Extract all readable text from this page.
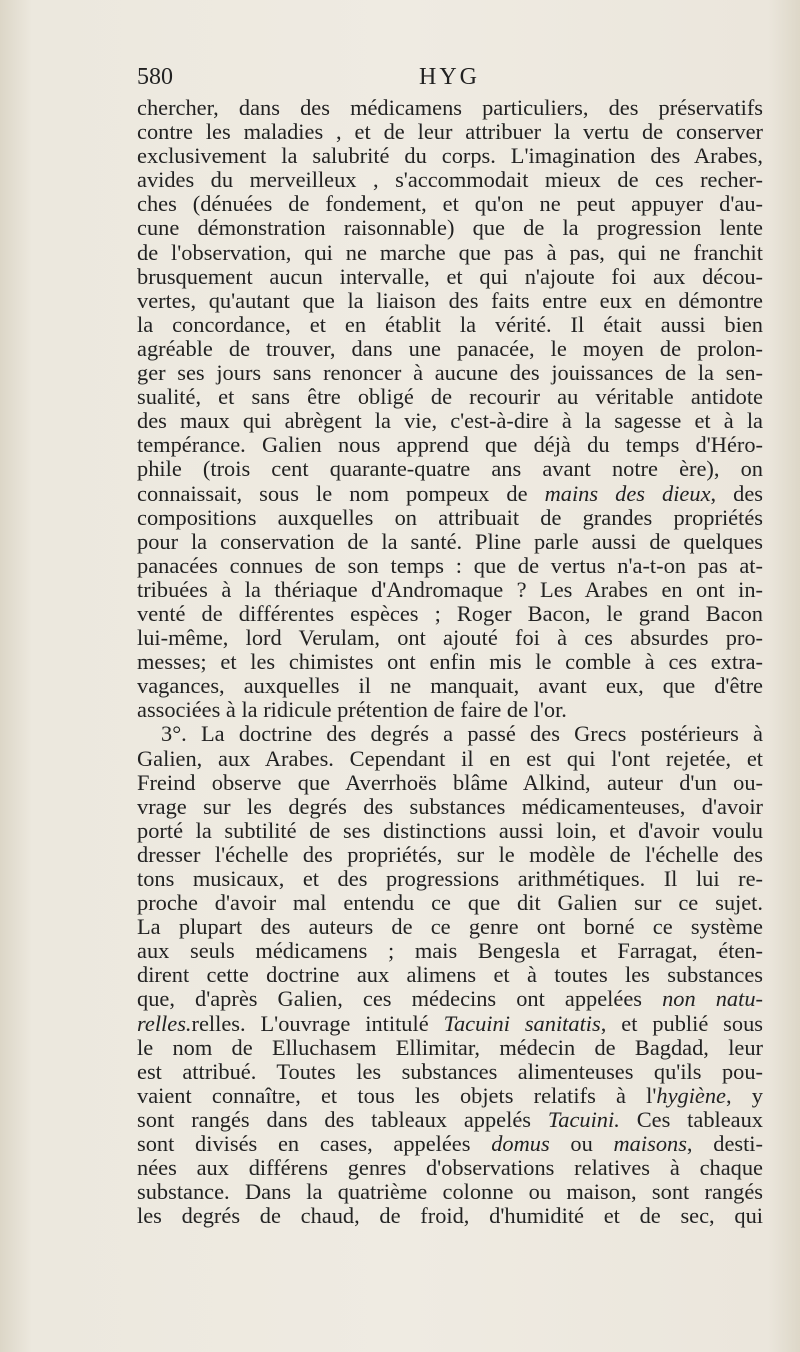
580	HYG
chercher, dans des médicamens particuliers, des préservatifs
contre les maladies , et de leur attribuer la vertu de conserver
exclusivement la salubrité du corps. L'imagination des Arabes,
avides du merveilleux , s'accommodait mieux de ces recher-
ches (dénuées de fondement, et qu'on ne peut appuyer d'au-
cune démonstration raisonnable) que de la progression lente
de l'observation, qui ne marche que pas à pas, qui ne franchit
brusquement aucun intervalle, et qui n'ajoute foi aux décou-
vertes, qu'autant que la liaison des faits entre eux en démontre
la concordance, et en établit la vérité. Il était aussi bien
agréable de trouver, dans une panacée, le moyen de prolon-
ger ses jours sans renoncer à aucune des jouissances de la sen-
sualité, et sans être obligé de recourir au véritable antidote
des maux qui abrègent la vie, c'est-à-dire à la sagesse et à la
tempérance. Galien nous apprend que déjà du temps d'Héro-
phile (trois cent quarante-quatre ans avant notre ère), on
connaissait, sous le nom pompeux de mains des dieux, des
compositions auxquelles on attribuait de grandes propriétés
pour la conservation de la santé. Pline parle aussi de quelques
panacées connues de son temps : que de vertus n'a-t-on pas at-
tribuées à la thériaque d'Andromaque ? Les Arabes en ont in-
venté de différentes espèces ; Roger Bacon, le grand Bacon
lui-même, lord Verulam, ont ajouté foi à ces absurdes pro-
messes; et les chimistes ont enfin mis le comble à ces extra-
vagances, auxquelles il ne manquait, avant eux, que d'être
associées à la ridicule prétention de faire de l'or.
3°. La doctrine des degrés a passé des Grecs postérieurs à
Galien, aux Arabes. Cependant il en est qui l'ont rejetée, et
Freind observe que Averrhoës blâme Alkind, auteur d'un ou-
vrage sur les degrés des substances médicamenteuses, d'avoir
porté la subtilité de ses distinctions aussi loin, et d'avoir voulu
dresser l'échelle des propriétés, sur le modèle de l'échelle des
tons musicaux, et des progressions arithmétiques. Il lui re-
proche d'avoir mal entendu ce que dit Galien sur ce sujet.
La plupart des auteurs de ce genre ont borné ce système
aux seuls médicamens ; mais Bengesla et Farragat, éten-
dirent cette doctrine aux alimens et à toutes les substances
que, d'après Galien, ces médecins ont appelées non natu-
relles.relles. L'ouvrage intitulé Tacuini sanitatis, et publié sous
le nom de Elluchasem Ellimitar, médecin de Bagdad, leur
est attribué. Toutes les substances alimenteuses qu'ils pou-
vaient connaître, et tous les objets relatifs à l'hygiène, y
sont rangés dans des tableaux appelés Tacuini. Ces tableaux
sont divisés en cases, appelées domus ou maisons, desti-
nées aux différens genres d'observations relatives à chaque
substance. Dans la quatrième colonne ou maison, sont rangés
les degrés de chaud, de froid, d'humidité et de sec, qui
